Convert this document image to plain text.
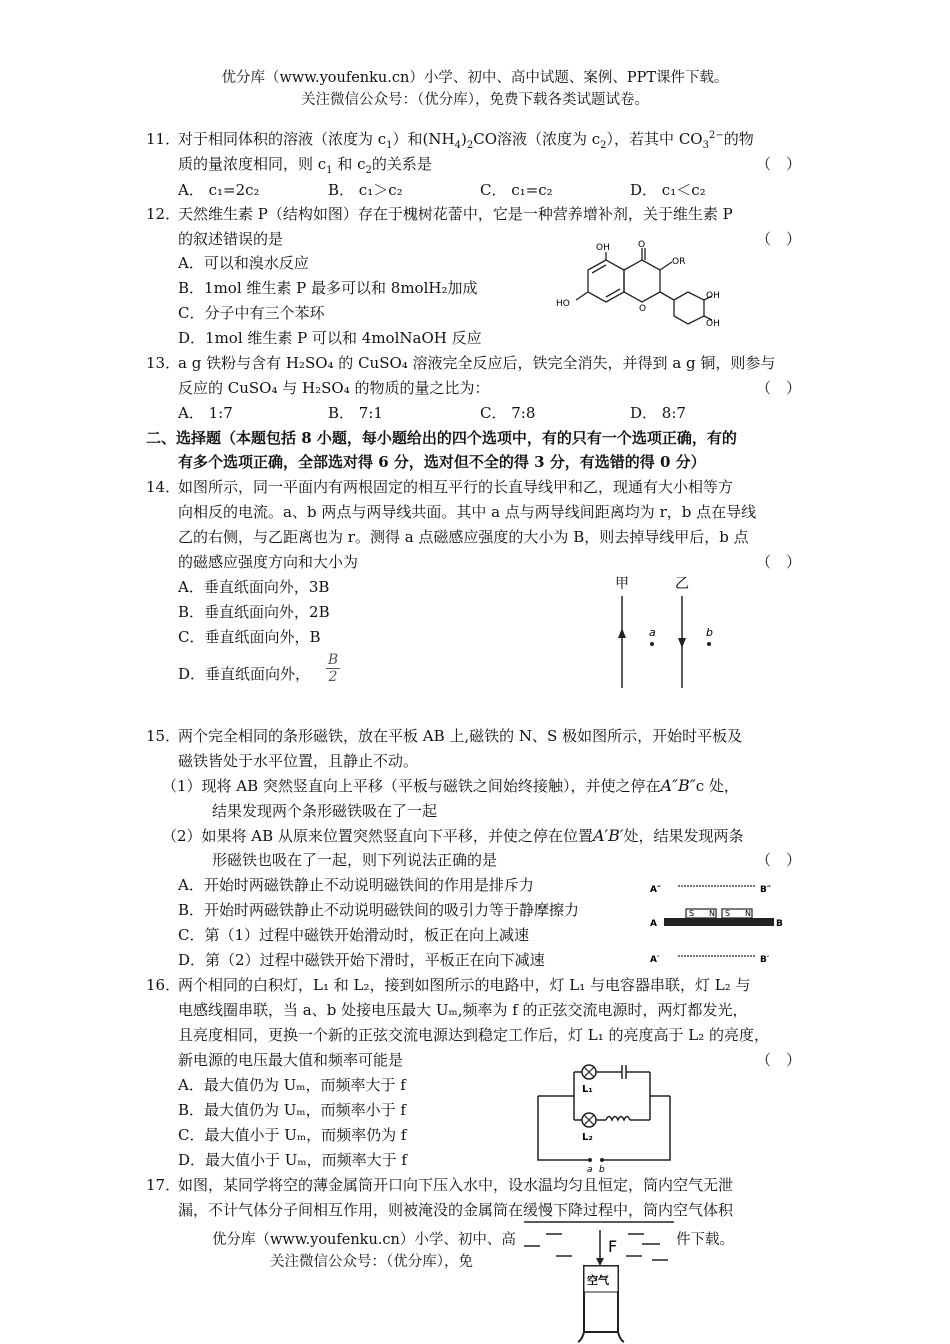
优分库（www.youfenku.cn）小学、初中、高中试题、案例、PPT课件下载。
关注微信公众号：（优分库），免费下载各类试题试卷。
11．
对于相同体积的溶液（浓度为 $c_1$）和$(NH_4)_2CO$溶液（浓度为 $c_2$），若其中 $CO_3^{2-}$的物
质的量浓度相同，则 $c_1$ 和 $c_2$的关系是	（　）
A． c₁=2c₂	B． c₁＞c₂	C． c₁=c₂	D． c₁＜c₂
12．
天然维生素 P（结构如图）存在于槐树花蕾中，它是一种营养增补剂，关于维生素 P
的叙述错误的是	（　）
A．可以和溴水反应
B．1mol 维生素 P 最多可以和 8molH₂加成
C．分子中有三个苯环
D．1mol 维生素 P 可以和 4molNaOH 反应
OH	O
OR
HO	O
OH
OH
13．
a g 铁粉与含有 H₂SO₄ 的 CuSO₄ 溶液完全反应后，铁完全消失，并得到 a g 铜，则参与
反应的 CuSO₄ 与 H₂SO₄ 的物质的量之比为：	（　）
A． 1:7	B． 7:1	C． 7:8	D． 8:7
二、选择题（本题包括 8 小题，每小题给出的四个选项中，有的只有一个选项正确，有的
有多个选项正确，全部选对得 6 分，选对但不全的得 3 分，有选错的得 0 分）
14．
如图所示，同一平面内有两根固定的相互平行的长直导线甲和乙，现通有大小相等方
向相反的电流。a、b 两点与两导线共面。其中 a 点与两导线间距离均为 r，b 点在导线
乙的右侧，与乙距离也为 r。测得 a 点磁感应强度的大小为 B，则去掉导线甲后，b 点
的磁感应强度方向和大小为	（　）
A．垂直纸面向外，3B
B．垂直纸面向外，2B
C．垂直纸面向外，B
D．垂直纸面向外， $\frac{B}{2}$
甲	乙
a	b
15．
两个完全相同的条形磁铁，放在平板 AB 上,磁铁的 N、S 极如图所示，开始时平板及
磁铁皆处于水平位置，且静止不动。
（1）现将 AB 突然竖直向上平移（平板与磁铁之间始终接触），并使之停在A″B″c 处，
结果发现两个条形磁铁吸在了一起
（2）如果将 AB 从原来位置突然竖直向下平移，并使之停在位置A′B′处，结果发现两条
形磁铁也吸在了一起，则下列说法正确的是	（　）
A．开始时两磁铁静止不动说明磁铁间的作用是排斥力
B．开始时两磁铁静止不动说明磁铁间的吸引力等于静摩擦力
C．第（1）过程中磁铁开始滑动时，板正在向上减速
D．第（2）过程中磁铁开始下滑时，平板正在向下减速
A″	B″
S N S N
A	B
A′	B′
16．
两个相同的白积灯，L₁ 和 L₂，接到如图所示的电路中，灯 L₁ 与电容器串联，灯 L₂ 与
电感线圈串联，当 a、b 处接电压最大 Uₘ,频率为 f 的正弦交流电源时，两灯都发光，
且亮度相同，更换一个新的正弦交流电源达到稳定工作后，灯 L₁ 的亮度高于 L₂ 的亮度，
新电源的电压最大值和频率可能是	（　）
A．最大值仍为 Uₘ，而频率大于 f
B．最大值仍为 Uₘ，而频率小于 f
C．最大值小于 Uₘ，而频率仍为 f
D．最大值小于 Uₘ，而频率大于 f
L₁
L₂
a b
17．
如图，某同学将空的薄金属筒开口向下压入水中，设水温均匀且恒定，筒内空气无泄
漏，不计气体分子间相互作用，则被淹没的金属筒在缓慢下降过程中，筒内空气体积
优分库（www.youfenku.cn）小学、初中、高	件下载。
关注微信公众号：（优分库），免
F
空气
